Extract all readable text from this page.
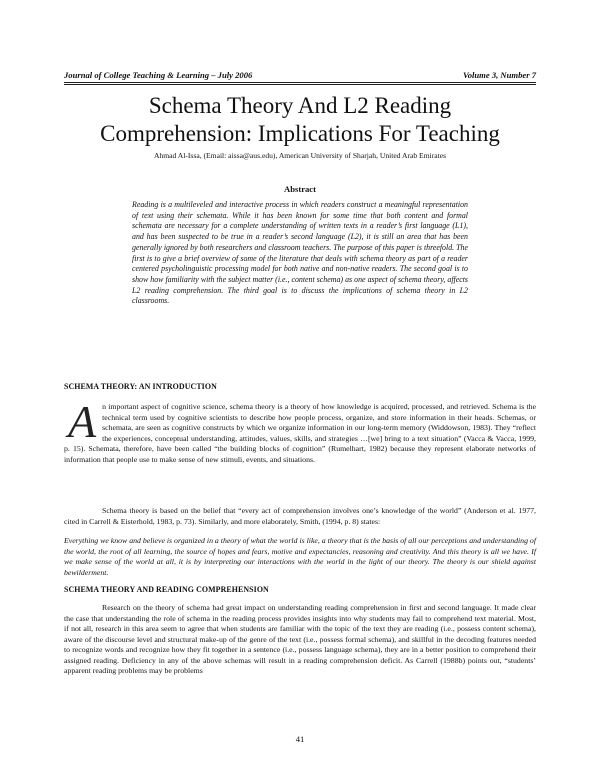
Journal of College Teaching & Learning – July 2006	Volume 3, Number 7
Schema Theory And L2 Reading
Comprehension: Implications For Teaching
Ahmad Al-Issa, (Email: aissa@aus.edu), American University of Sharjah, United Arab Emirates
Abstract
Reading is a multileveled and interactive process in which readers construct a meaningful representation of text using their schemata. While it has been known for some time that both content and formal schemata are necessary for a complete understanding of written texts in a reader’s first language (L1), and has been suspected to be true in a reader’s second language (L2), it is still an area that has been generally ignored by both researchers and classroom teachers. The purpose of this paper is threefold. The first is to give a brief overview of some of the literature that deals with schema theory as part of a reader centered psycholinguistic processing model for both native and non-native readers. The second goal is to show how familiarity with the subject matter (i.e., content schema) as one aspect of schema theory, affects L2 reading comprehension. The third goal is to discuss the implications of schema theory in L2 classrooms.
SCHEMA THEORY: AN INTRODUCTION
An important aspect of cognitive science, schema theory is a theory of how knowledge is acquired, processed, and retrieved. Schema is the technical term used by cognitive scientists to describe how people process, organize, and store information in their heads. Schemas, or schemata, are seen as cognitive constructs by which we organize information in our long-term memory (Widdowson, 1983). They “reflect the experiences, conceptual understanding, attitudes, values, skills, and strategies …[we] bring to a text situation” (Vacca & Vacca, 1999, p. 15). Schemata, therefore, have been called “the building blocks of cognition” (Rumelhart, 1982) because they represent elaborate networks of information that people use to make sense of new stimuli, events, and situations.
Schema theory is based on the belief that “every act of comprehension involves one’s knowledge of the world” (Anderson et al. 1977, cited in Carrell & Eisterhold, 1983, p. 73). Similarly, and more elaborately, Smith, (1994, p. 8) states:
Everything we know and believe is organized in a theory of what the world is like, a theory that is the basis of all our perceptions and understanding of the world, the root of all learning, the source of hopes and fears, motive and expectancies, reasoning and creativity. And this theory is all we have. If we make sense of the world at all, it is by interpreting our interactions with the world in the light of our theory. The theory is our shield against bewilderment.
SCHEMA THEORY AND READING COMPREHENSION
Research on the theory of schema had great impact on understanding reading comprehension in first and second language. It made clear the case that understanding the role of schema in the reading process provides insights into why students may fail to comprehend text material. Most, if not all, research in this area seem to agree that when students are familiar with the topic of the text they are reading (i.e., possess content schema), aware of the discourse level and structural make-up of the genre of the text (i.e., possess formal schema), and skillful in the decoding features needed to recognize words and recognize how they fit together in a sentence (i.e., possess language schema), they are in a better position to comprehend their assigned reading. Deficiency in any of the above schemas will result in a reading comprehension deficit. As Carrell (1988b) points out, “students’ apparent reading problems may be problems
41
